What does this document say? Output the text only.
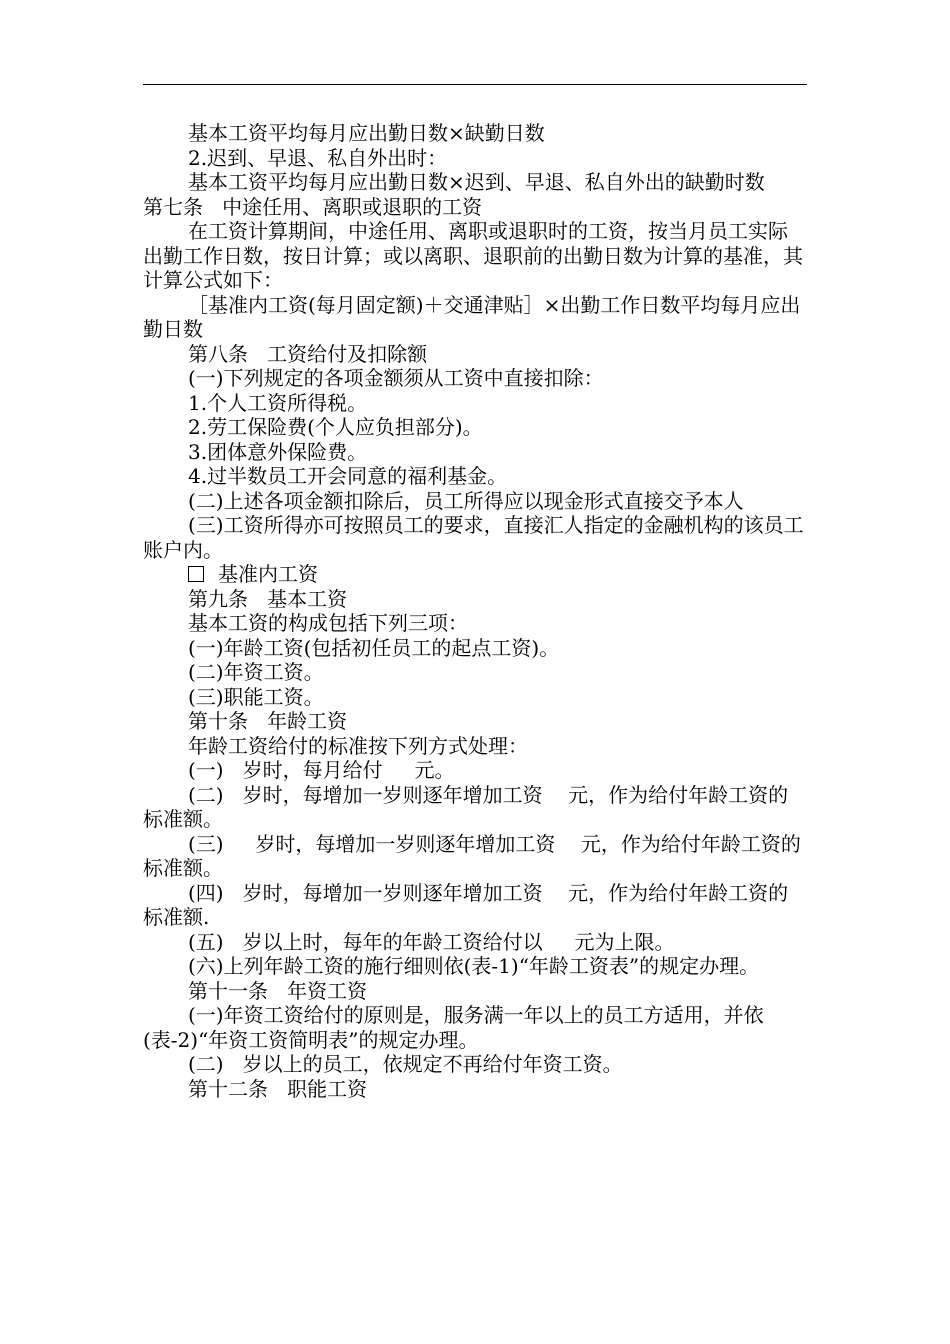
基本工资平均每月应出勤日数×缺勤日数

2.迟到、早退、私自外出时：

基本工资平均每月应出勤日数×迟到、早退、私自外出的缺勤时数

第七条   中途任用、离职或退职的工资

在工资计算期间，中途任用、离职或退职时的工资，按当月员工实际出勤工作日数，按日计算；或以离职、退职前的出勤日数为计算的基准，其计算公式如下：

［基准内工资(每月固定额)＋交通津贴］×出勤工作日数平均每月应出勤日数

第八条   工资给付及扣除额

(一)下列规定的各项金额须从工资中直接扣除：

1.个人工资所得税。

2.劳工保险费(个人应负担部分)。

3.团体意外保险费。

4.过半数员工开会同意的福利基金。

(二)上述各项金额扣除后，员工所得应以现金形式直接交予本人

(三)工资所得亦可按照员工的要求，直接汇人指定的金融机构的该员工账户内。

基准内工资

第九条   基本工资

基本工资的构成包括下列三项：

(一)年龄工资(包括初任员工的起点工资)。

(二)年资工资。

(三)职能工资。

第十条   年龄工资

年龄工资给付的标准按下列方式处理：

(一)   岁时，每月给付     元。

(二)   岁时，每增加一岁则逐年增加工资    元，作为给付年龄工资的标准额。

(三)     岁时，每增加一岁则逐年增加工资    元，作为给付年龄工资的标准额。

(四)   岁时，每增加一岁则逐年增加工资    元，作为给付年龄工资的标准额.

(五)   岁以上时，每年的年龄工资给付以     元为上限。

(六)上列年龄工资的施行细则依(表-1)“年龄工资表”的规定办理。

第十一条   年资工资

(一)年资工资给付的原则是，服务满一年以上的员工方适用，并依(表-2)“年资工资简明表”的规定办理。

(二)   岁以上的员工，依规定不再给付年资工资。

第十二条   职能工资
